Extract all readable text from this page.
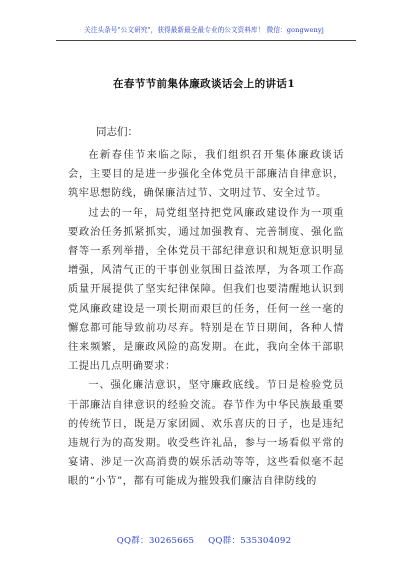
关注头条号"公文研究"，获得最新最全最专业的公文资料库！ 微信：gongwenyj
在春节节前集体廉政谈话会上的讲话1
同志们：

在新春佳节来临之际，我们组织召开集体廉政谈话会，主要目的是进一步强化全体党员干部廉洁自律意识，筑牢思想防线，确保廉洁过节、文明过节、安全过节。

过去的一年，局党组坚持把党风廉政建设作为一项重要政治任务抓紧抓实，通过加强教育、完善制度、强化监督等一系列举措，全体党员干部纪律意识和规矩意识明显增强，风清气正的干事创业氛围日益浓厚，为各项工作高质量开展提供了坚实纪律保障。但我们也要清醒地认识到党风廉政建设是一项长期而艰巨的任务，任何一丝一毫的懈怠都可能导致前功尽弃。特别是在节日期间，各种人情往来频繁，是廉政风险的高发期。在此，我向全体干部职工提出几点明确要求：

一、强化廉洁意识，坚守廉政底线。节日是检验党员干部廉洁自律意识的经验交流。春节作为中华民族最重要的传统节日，既是万家团圆、欢乐喜庆的日子，也是违纪违规行为的高发期。收受些许礼品，参与一场看似平常的宴请、涉足一次高消费的娱乐活动等等，这些看似毫不起眼的“小节”，都有可能成为摧毁我们廉洁自律防线的

QQ群：30265665 QQ群：535304092
